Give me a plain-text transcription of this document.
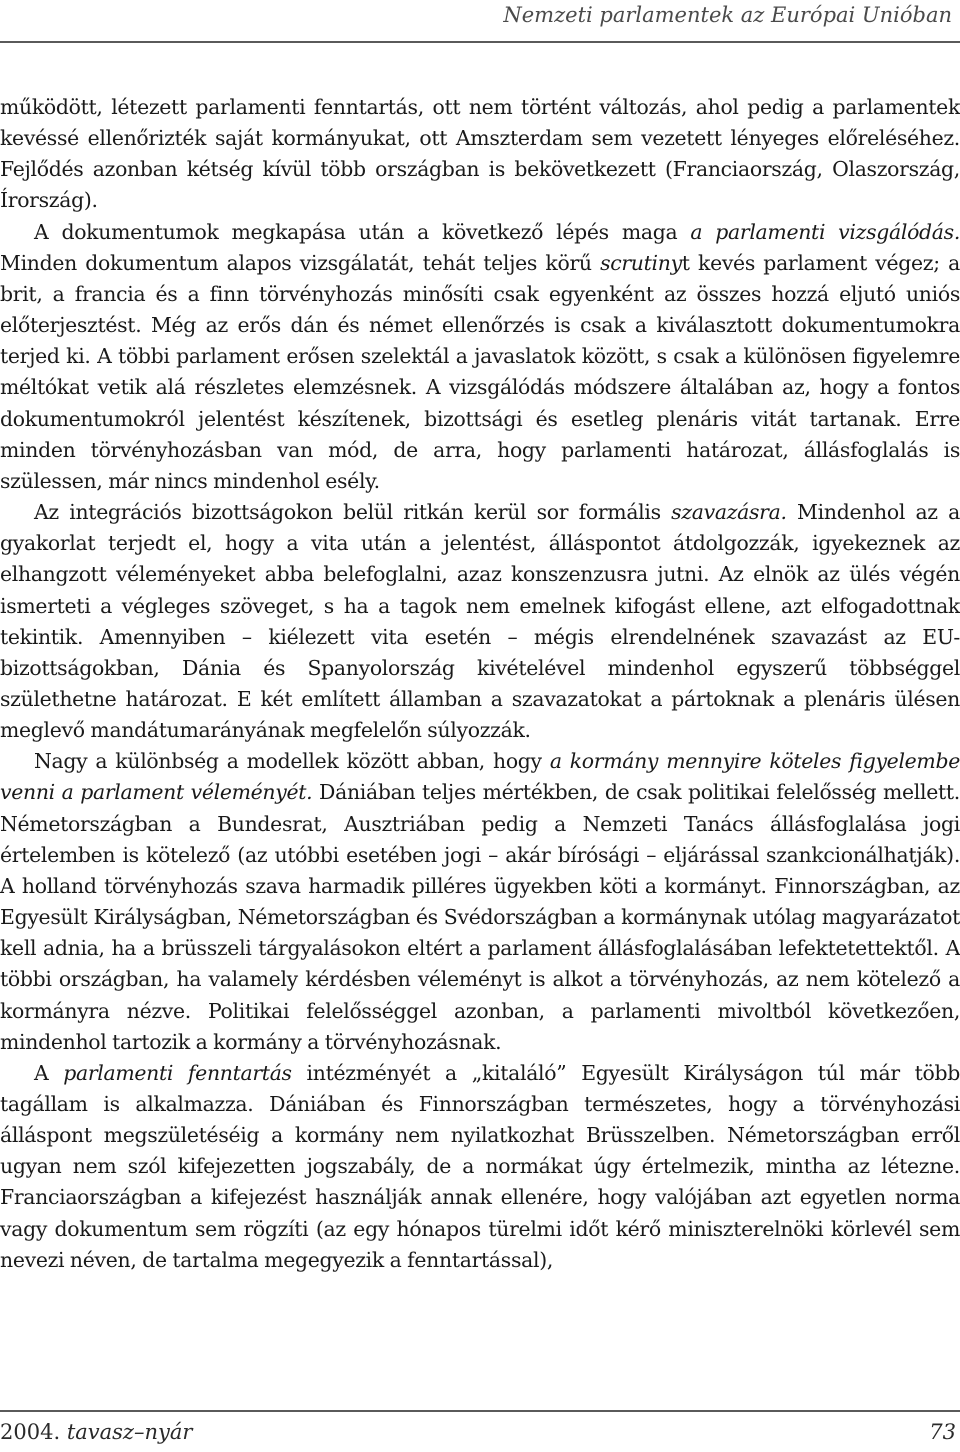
Nemzeti parlamentek az Európai Unióban

működött, létezett parlamenti fenntartás, ott nem történt változás, ahol pedig a parlamentek kevéssé ellenőrizték saját kormányukat, ott Amszterdam sem vezetett lényeges előreléséhez. Fejlődés azonban kétség kívül több országban is bekövetkezett (Franciaország, Olaszország, Írország).

A dokumentumok megkapása után a következő lépés maga a parlamenti vizsgálódás. Minden dokumentum alapos vizsgálatát, tehát teljes körű scrutinyt kevés parlament végez; a brit, a francia és a finn törvényhozás minősíti csak egyenként az összes hozzá eljutó uniós előterjesztést. Még az erős dán és német ellenőrzés is csak a kiválasztott dokumentumokra terjed ki. A többi parlament erősen szelektál a javaslatok között, s csak a különösen figyelemre méltókat vetik alá részletes elemzésnek. A vizsgálódás módszere általában az, hogy a fontos dokumentumokról jelentést készítenek, bizottsági és esetleg plenáris vitát tartanak. Erre minden törvényhozásban van mód, de arra, hogy parlamenti határozat, állásfoglalás is szülessen, már nincs mindenhol esély.

Az integrációs bizottságokon belül ritkán kerül sor formális szavazásra. Mindenhol az a gyakorlat terjedt el, hogy a vita után a jelentést, álláspontot átdolgozzák, igyekeznek az elhangzott véleményeket abba belefoglalni, azaz konszenzusra jutni. Az elnök az ülés végén ismerteti a végleges szöveget, s ha a tagok nem emelnek kifogást ellene, azt elfogadottnak tekintik. Amennyiben – kiélezett vita esetén – mégis elrendelnének szavazást az EU-bizottságokban, Dánia és Spanyolország kivételével mindenhol egyszerű többséggel születhetne határozat. E két említett államban a szavazatokat a pártoknak a plenáris ülésen meglevő mandátumarányának megfelelőn súlyozzák.

Nagy a különbség a modellek között abban, hogy a kormány mennyire köteles figyelembe venni a parlament véleményét. Dániában teljes mértékben, de csak politikai felelősség mellett. Németországban a Bundesrat, Ausztriában pedig a Nemzeti Tanács állásfoglalása jogi értelemben is kötelező (az utóbbi esetében jogi – akár bírósági – eljárással szankcionálhatják). A holland törvényhozás szava harmadik pilléres ügyekben köti a kormányt. Finnországban, az Egyesült Királyságban, Németországban és Svédországban a kormánynak utólag magyarázatot kell adnia, ha a brüsszeli tárgyalásokon eltért a parlament állásfoglalásában lefektetettektől. A többi országban, ha valamely kérdésben véleményt is alkot a törvényhozás, az nem kötelező a kormányra nézve. Politikai felelősséggel azonban, a parlamenti mivoltból következően, mindenhol tartozik a kormány a törvényhozásnak.

A parlamenti fenntartás intézményét a „kitaláló” Egyesült Királyságon túl már több tagállam is alkalmazza. Dániában és Finnországban természetes, hogy a törvényhozási álláspont megszületéséig a kormány nem nyilatkozhat Brüsszelben. Németországban erről ugyan nem szól kifejezetten jogszabály, de a normákat úgy értelmezik, mintha az létezne. Franciaországban a kifejezést használják annak ellenére, hogy valójában azt egyetlen norma vagy dokumentum sem rögzíti (az egy hónapos türelmi időt kérő miniszterelnöki körlevél sem nevezi néven, de tartalma megegyezik a fenntartással),

2004. tavasz–nyár	73
